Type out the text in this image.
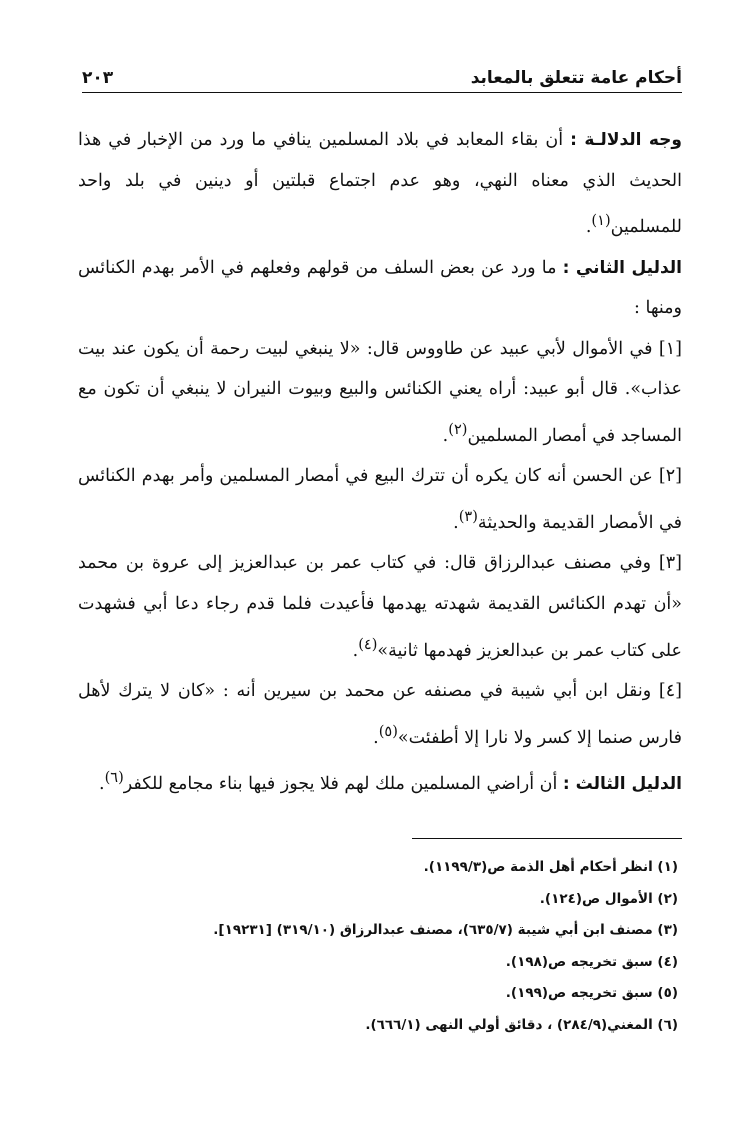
أحكام عامة تتعلق بالمعابد
٢٠٣

وجه الدلالـة : أن بقاء المعابد في بلاد المسلمين ينافي ما ورد من الإخبار في هذا الحديث الذي معناه النهي، وهو عدم اجتماع قبلتين أو دينين في بلد واحد للمسلمين$^{(١)}$.

الدليل الثاني : ما ورد عن بعض السلف من قولهم وفعلهم في الأمر بهدم الكنائس ومنها :

[١] في الأموال لأبي عبيد عن طاووس قال: «لا ينبغي لبيت رحمة أن يكون عند بيت عذاب». قال أبو عبيد: أراه يعني الكنائس والبيع وبيوت النيران لا ينبغي أن تكون مع المساجد في أمصار المسلمين$^{(٢)}$.

[٢] عن الحسن أنه كان يكره أن تترك البيع في أمصار المسلمين وأمر بهدم الكنائس في الأمصار القديمة والحديثة$^{(٣)}$.

[٣] وفي مصنف عبدالرزاق قال: في كتاب عمر بن عبدالعزيز إلى عروة بن محمد «أن تهدم الكنائس القديمة شهدته يهدمها فأعيدت فلما قدم رجاء دعا أبي فشهدت على كتاب عمر بن عبدالعزيز فهدمها ثانية»$^{(٤)}$.

[٤] ونقل ابن أبي شيبة في مصنفه عن محمد بن سيرين أنه : «كان لا يترك لأهل فارس صنما إلا كسر ولا نارا إلا أطفئت»$^{(٥)}$.

الدليل الثالث : أن أراضي المسلمين ملك لهم فلا يجوز فيها بناء مجامع للكفر$^{(٦)}$.

(١) انظر أحكام أهل الذمة ص(١١٩٩/٣).

(٢) الأموال ص(١٢٤).

(٣) مصنف ابن أبي شيبة (٦٣٥/٧)، مصنف عبدالرزاق (٣١٩/١٠) [١٩٢٣١].

(٤) سبق تخريجه ص(١٩٨).

(٥) سبق تخريجه ص(١٩٩).

(٦) المغني(٢٨٤/٩) ، دقائق أولي النهى (٦٦٦/١).
